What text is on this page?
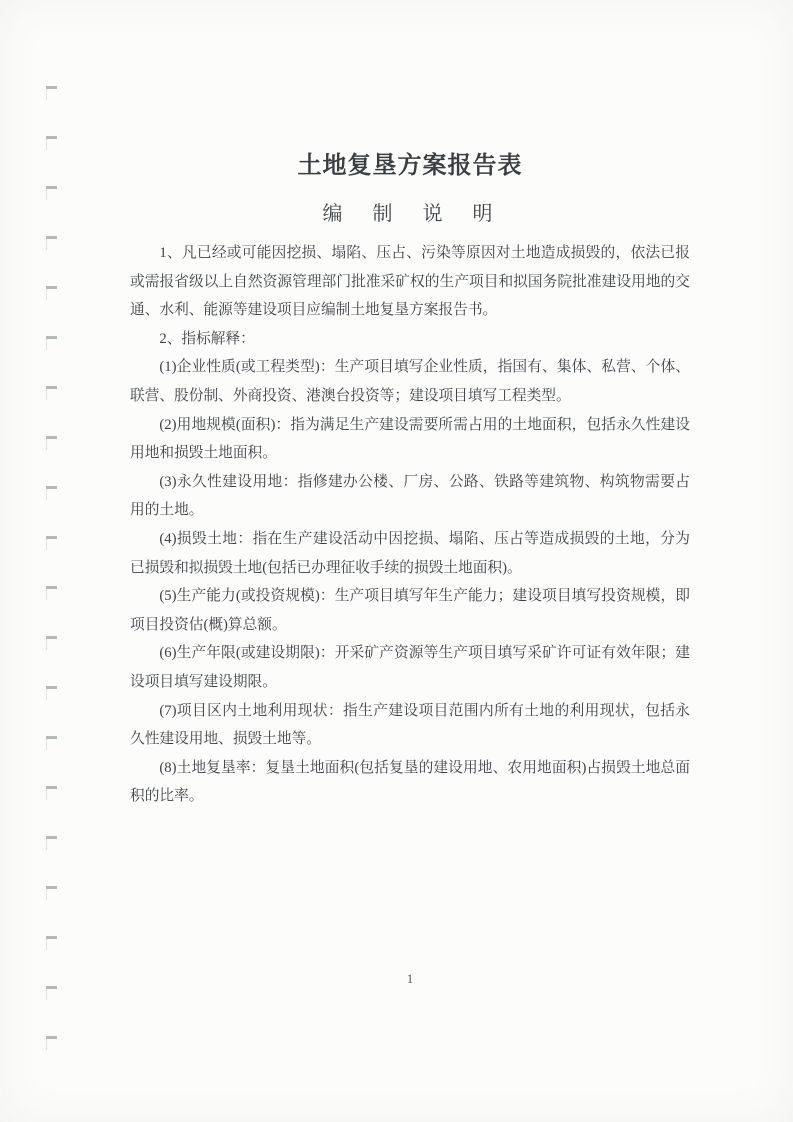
土地复垦方案报告表
编　制　说　明

1、凡已经或可能因挖损、塌陷、压占、污染等原因对土地造成损毁的，依法已报或需报省级以上自然资源管理部门批准采矿权的生产项目和拟国务院批准建设用地的交通、水利、能源等建设项目应编制土地复垦方案报告书。

2、指标解释：

(1)企业性质(或工程类型)：生产项目填写企业性质，指国有、集体、私营、个体、联营、股份制、外商投资、港澳台投资等；建设项目填写工程类型。

(2)用地规模(面积)：指为满足生产建设需要所需占用的土地面积，包括永久性建设用地和损毁土地面积。

(3)永久性建设用地：指修建办公楼、厂房、公路、铁路等建筑物、构筑物需要占用的土地。

(4)损毁土地：指在生产建设活动中因挖损、塌陷、压占等造成损毁的土地，分为已损毁和拟损毁土地(包括已办理征收手续的损毁土地面积)。

(5)生产能力(或投资规模)：生产项目填写年生产能力；建设项目填写投资规模，即项目投资估(概)算总额。

(6)生产年限(或建设期限)：开采矿产资源等生产项目填写采矿许可证有效年限；建设项目填写建设期限。

(7)项目区内土地利用现状：指生产建设项目范围内所有土地的利用现状，包括永久性建设用地、损毁土地等。

(8)土地复垦率：复垦土地面积(包括复垦的建设用地、农用地面积)占损毁土地总面积的比率。

1
